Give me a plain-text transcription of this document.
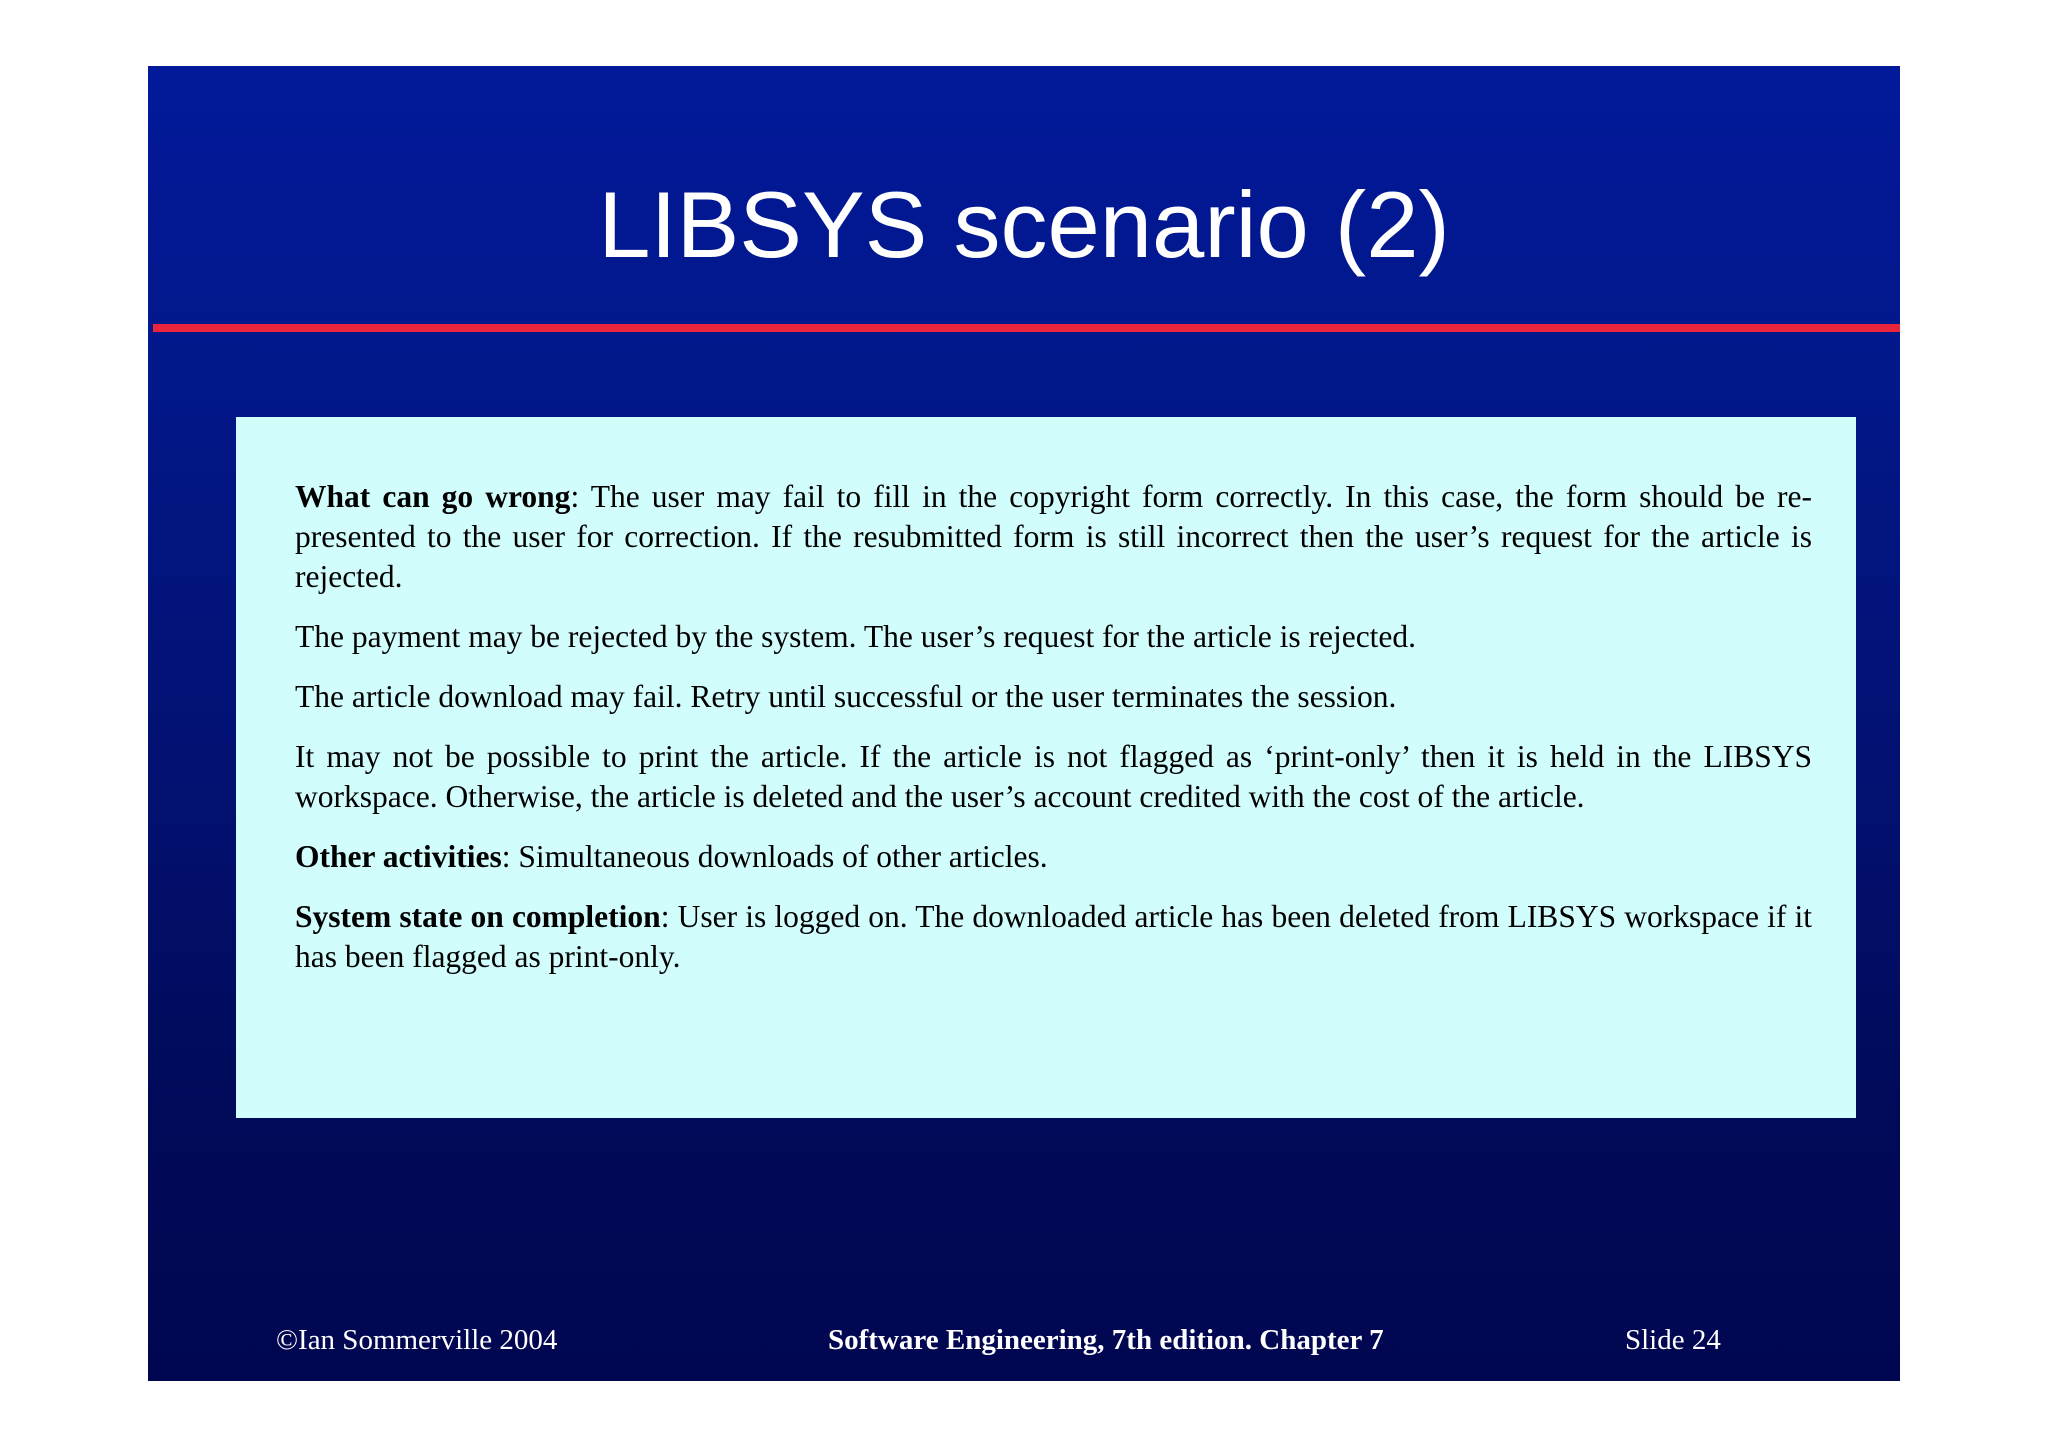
LIBSYS scenario (2)

What can go wrong: The user may fail to fill in the copyright form correctly. In this case, the form should be re-presented to the user for correction. If the resubmitted form is still incorrect then the user’s request for the article is rejected.

The payment may be rejected by the system. The user’s request for the article is rejected.

The article download may fail. Retry until successful or the user terminates the session.

It may not be possible to print the article. If the article is not flagged as ‘print-only’ then it is held in the LIBSYS workspace. Otherwise, the article is deleted and the user’s account credited with the cost of the article.

Other activities: Simultaneous downloads of other articles.

System state on completion: User is logged on. The downloaded article has been deleted from LIBSYS workspace if it has been flagged as print-only.

©Ian Sommerville 2004	Software Engineering, 7th edition. Chapter 7	Slide 24
